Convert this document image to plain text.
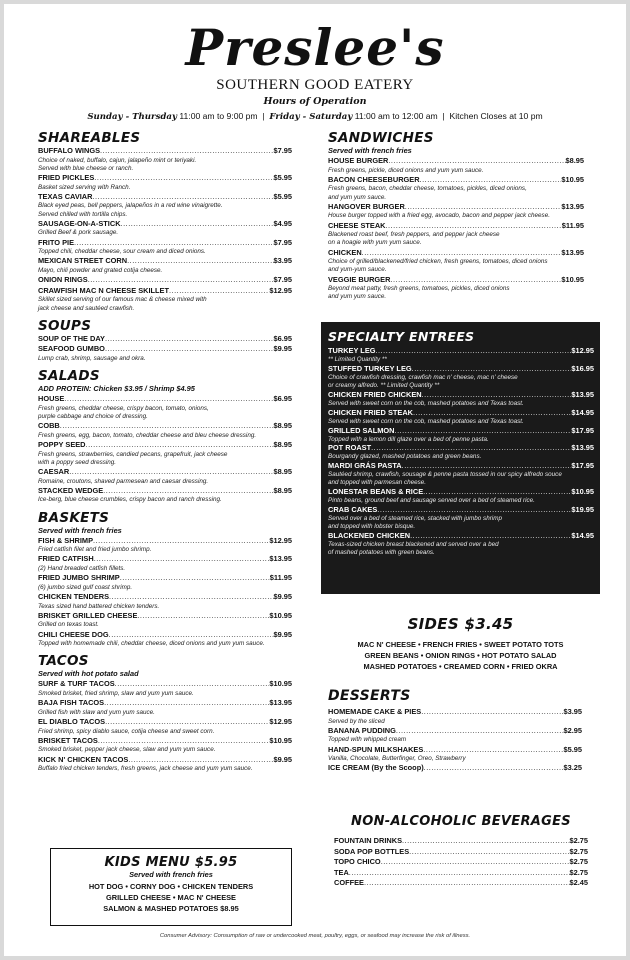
Preslee's
SOUTHERN GOOD EATERY
Hours of Operation
Sunday - Thursday 11:00 am to 9:00 pm | Friday - Saturday 11:00 am to 12:00 am | Kitchen Closes at 10 pm
SHAREABLES
BUFFALO WINGS .....	$7.95
Choice of naked, buffalo, cajun, jalapeño mint or teriyaki.
Served with blue cheese or ranch.
FRIED PICKLES .....	$5.95
Basket sized serving with Ranch.
TEXAS CAVIAR .....	$5.95
Black eyed peas, bell peppers, jalapeños in a red wine vinaigrette.
Served chilled with tortilla chips.
SAUSAGE-ON-A-STICK .....	$4.95
Grilled Beef & pork sausage.
FRITO PIE .....	$7.95
Topped chili, cheddar cheese, sour cream and diced onions.
MEXICAN STREET CORN .....	$3.95
Mayo, chili powder and grated cotija cheese.
ONION RINGS .....	$7.95
CRAWFISH MAC N CHEESE SKILLET .....	$12.95
Skillet sized serving of our famous mac & cheese mixed with
jack cheese and sautéed crawfish.
SOUPS
SOUP OF THE DAY .....	$6.95
SEAFOOD GUMBO .....	$9.95
Lump crab, shrimp, sausage and okra.
SALADS
ADD PROTEIN: Chicken $3.95 / Shrimp $4.95
HOUSE .....	$6.95
Fresh greens, cheddar cheese, crispy bacon, tomato, onions,
purple cabbage and choice of dressing.
COBB .....	$8.95
Fresh greens, egg, bacon, tomato, cheddar cheese and bleu cheese dressing.
POPPY SEED .....	$8.95
Fresh greens, strawberries, candied pecans, grapefruit, jack cheese
with a poppy seed dressing.
CAESAR .....	$8.95
Romaine, croutons, shaved parmesean and caesar dressing.
STACKED WEDGE .....	$8.95
Ice-berg, blue cheese crumbles, crispy bacon and ranch dressing.
BASKETS
Served with french fries
FISH & SHRIMP .....	$12.95
Fried catfish filet and fried jumbo shrimp.
FRIED CATFISH .....	$13.95
(2) Hand breaded catfish fillets.
FRIED JUMBO SHRIMP .....	$11.95
(6) jumbo sized gulf coast shrimp.
CHICKEN TENDERS .....	$9.95
Texas sized hand battered chicken tenders.
BRISKET GRILLED CHEESE .....	$10.95
Grilled on texas toast.
CHILI CHEESE DOG .....	$9.95
Topped with homemade chili, cheddar cheese, diced onions and yum yum sauce.
TACOS
Served with hot potato salad
SURF & TURF TACOS .....	$10.95
Smoked brisket, fried shrimp, slaw and yum yum sauce.
BAJA FISH TACOS .....	$13.95
Grilled fish with slaw and yum yum sauce.
EL DIABLO TACOS .....	$12.95
Fried shrimp, spicy diablo sauce, cotija cheese and sweet corn.
BRISKET TACOS .....	$10.95
Smoked brisket, pepper jack cheese, slaw and yum yum sauce.
KICK N' CHICKEN TACOS .....	$9.95
Buffalo fried chicken tenders, fresh greens, jack cheese and yum yum sauce.
SANDWICHES
Served with french fries
HOUSE BURGER .....	$8.95
Fresh greens, pickle, diced onions and yum yum sauce.
BACON CHEESEBURGER .....	$10.95
Fresh greens, bacon, cheddar cheese, tomatoes, pickles, diced onions,
and yum yum sauce.
HANGOVER BURGER .....	$13.95
House burger topped with a fried egg, avocado, bacon and pepper jack cheese.
CHEESE STEAK .....	$11.95
Blackened roast beef, fresh peppers, and pepper jack cheese
on a hoagie with yum yum sauce.
CHICKEN .....	$13.95
Choice of grilled/blackened/fried chicken, fresh greens, tomatoes, diced onions
and yum-yum sauce.
VEGGIE BURGER .....	$10.95
Beyond meat patty, fresh greens, tomatoes, pickles, diced onions
and yum yum sauce.
SPECIALTY ENTREES
TURKEY LEG .....	$12.95
** Limited Quantity **
STUFFED TURKEY LEG .....	$16.95
Choice of crawfish dressing, crawfish mac n' cheese, mac n' cheese
or creamy alfredo. ** Limited Quantity **
CHICKEN FRIED CHICKEN .....	$13.95
Served with sweet corn on the cob, mashed potatoes and Texas toast.
CHICKEN FRIED STEAK .....	$14.95
Served with sweet corn on the cob, mashed potatoes and Texas toast.
GRILLED SALMON .....	$17.95
Topped with a lemon dill glaze over a bed of penne pasta.
POT ROAST .....	$13.95
Bourgandy glazed, mashed potatoes and green beans.
MARDI GRÁS PASTA .....	$17.95
Sautéed shrimp, crawfish, sousage & penne pasta tossed in our spicy alfredo souce
and topped with parmesan cheese.
LONESTAR BEANS & RICE .....	$10.95
Pinto beans, ground beef and sausage served over a bed of steamed rice.
CRAB CAKES .....	$19.95
Served over a bed of steamed rice, stacked with jumbo shrimp
and topped with lobster bisque.
BLACKENED CHICKEN .....	$14.95
Texas-sized chicken breast blackened and served over a bed
of mashed potatoes with green beans.
SIDES $3.45
MAC N' CHEESE • FRENCH FRIES • SWEET POTATO TOTS
GREEN BEANS • ONION RINGS • HOT POTATO SALAD
MASHED POTATOES • CREAMED CORN • FRIED OKRA
DESSERTS
HOMEMADE CAKE & PIES .....	$3.95
Served by the sliced
BANANA PUDDING .....	$2.95
Topped with whipped cream
HAND-SPUN MILKSHAKES .....	$5.95
Vanilla, Chocolate, Butterfinger, Oreo, Strawberry
ICE CREAM (By the Scoop) .....	$3.25
NON-ALCOHOLIC BEVERAGES
FOUNTAIN DRINKS .....	$2.75
SODA POP BOTTLES .....	$2.75
TOPO CHICO .....	$2.75
TEA .....	$2.75
COFFEE .....	$2.45
KIDS MENU $5.95
Served with french fries
HOT DOG • CORNY DOG • CHICKEN TENDERS
GRILLED CHEESE • MAC N' CHEESE
SALMON & MASHED POTATOES $8.95
Consumer Advisory: Consumption of raw or undercooked meat, poultry, eggs, or seafood may increase the risk of illness.
